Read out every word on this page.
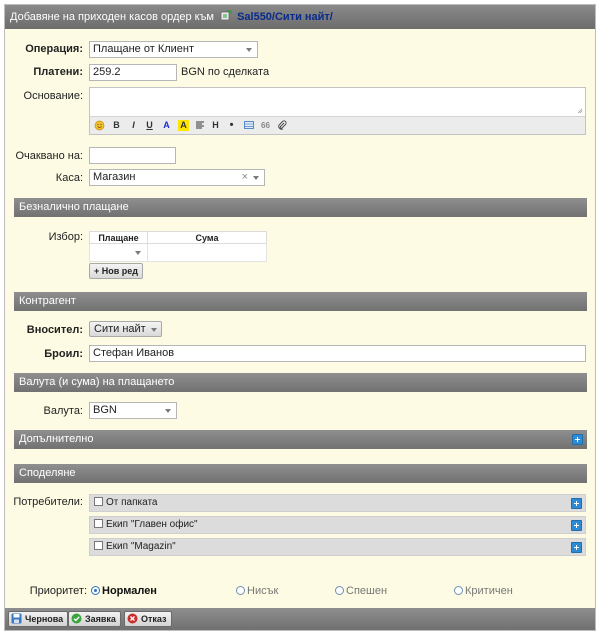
Добавяне на приходен касов ордер към Sal550/Сити найт/
Операция: Плащане от Клиент
Платени: 259.2	BGN по сделката
Основание:
B	I	U A A	H •	66
Очаквано на:
Каса: Магазин	×
Безналично плащане
Избор: Плащане	Сума

+ Нов ред
Контрагент
Вносител:	Сити найт
Броил: Стефан Иванов
Валута (и сума) на плащането
Валута: BGN
Допълнително
Споделяне
Потребители:	От папката
Екип "Главен офис"
Екип "Magazin"
Приоритет:	Нормален	Нисък	Спешен	Критичен
Чернова	Заявка	Отказ
